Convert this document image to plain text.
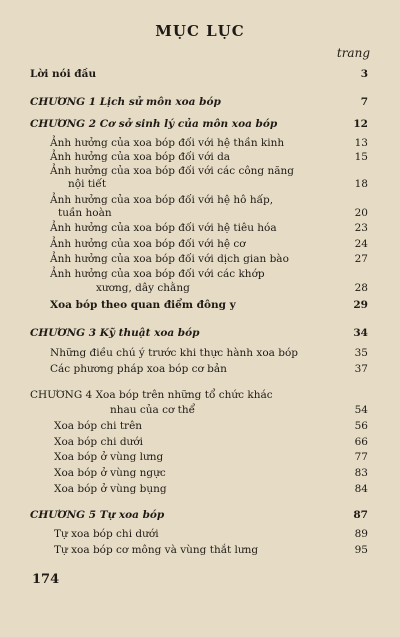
MỤC LỤC
trang
Lời nói đầu	3
CHƯƠNG 1 Lịch sử môn xoa bóp	7
CHƯƠNG 2 Cơ sở sinh lý của môn xoa bóp	12
Ảnh hưởng của xoa bóp đối với hệ thần kinh	13
Ảnh hưởng của xoa bóp đối với da	15
Ảnh hưởng của xoa bóp đối với các công năng
nội tiết	18
Ảnh hưởng của xoa bóp đối với hệ hô hấp,
tuần hoàn	20
Ảnh hưởng của xoa bóp đối với hệ tiêu hóa	23
Ảnh hưởng của xoa bóp đối với hệ cơ	24
Ảnh hưởng của xoa bóp đối với dịch gian bào	27
Ảnh hưởng của xoa bóp đối với các khớp
xương, dây chằng	28
Xoa bóp theo quan điểm đông y	29
CHƯƠNG 3 Kỹ thuật xoa bóp	34
Những điều chú ý trước khi thực hành xoa bóp	35
Các phương pháp xoa bóp cơ bản	37
CHƯƠNG 4 Xoa bóp trên những tổ chức khác
nhau của cơ thể	54
Xoa bóp chi trên	56
Xoa bóp chi dưới	66
Xoa bóp ở vùng lưng	77
Xoa bóp ở vùng ngực	83
Xoa bóp ở vùng bụng	84
CHƯƠNG 5 Tự xoa bóp	87
Tự xoa bóp chi dưới	89
Tự xoa bóp cơ mông và vùng thắt lưng	95
174
